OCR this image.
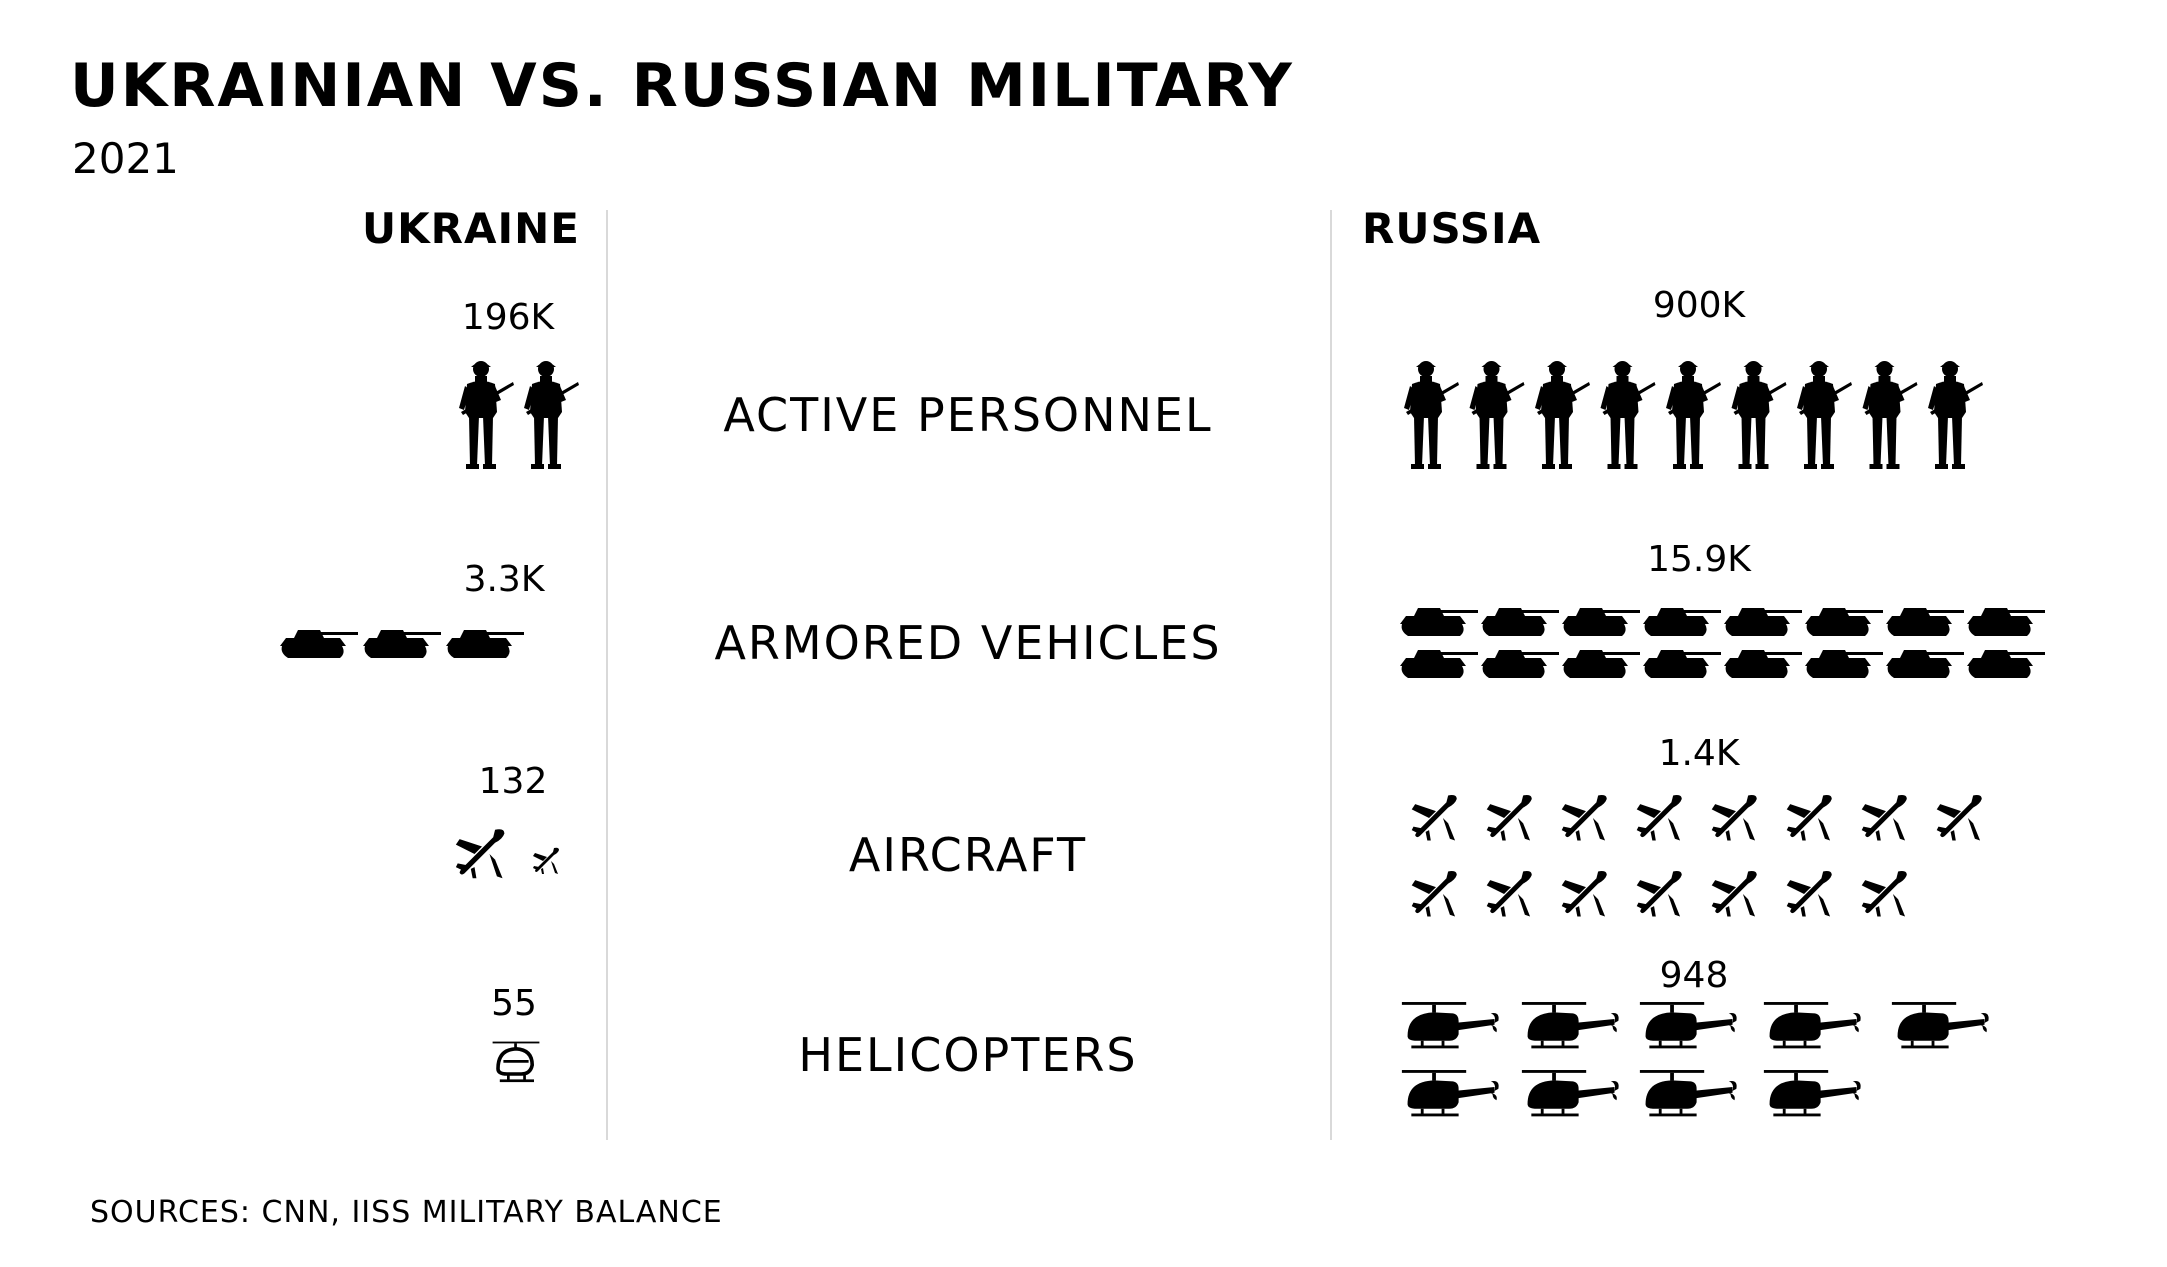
UKRAINIAN VS. RUSSIAN MILITARY
2021
UKRAINE	RUSSIA
ACTIVE PERSONNEL
ARMORED VEHICLES
AIRCRAFT
HELICOPTERS
196K
3.3K
132
55
900K
15.9K
1.4K
948
SOURCES: CNN, IISS MILITARY BALANCE
